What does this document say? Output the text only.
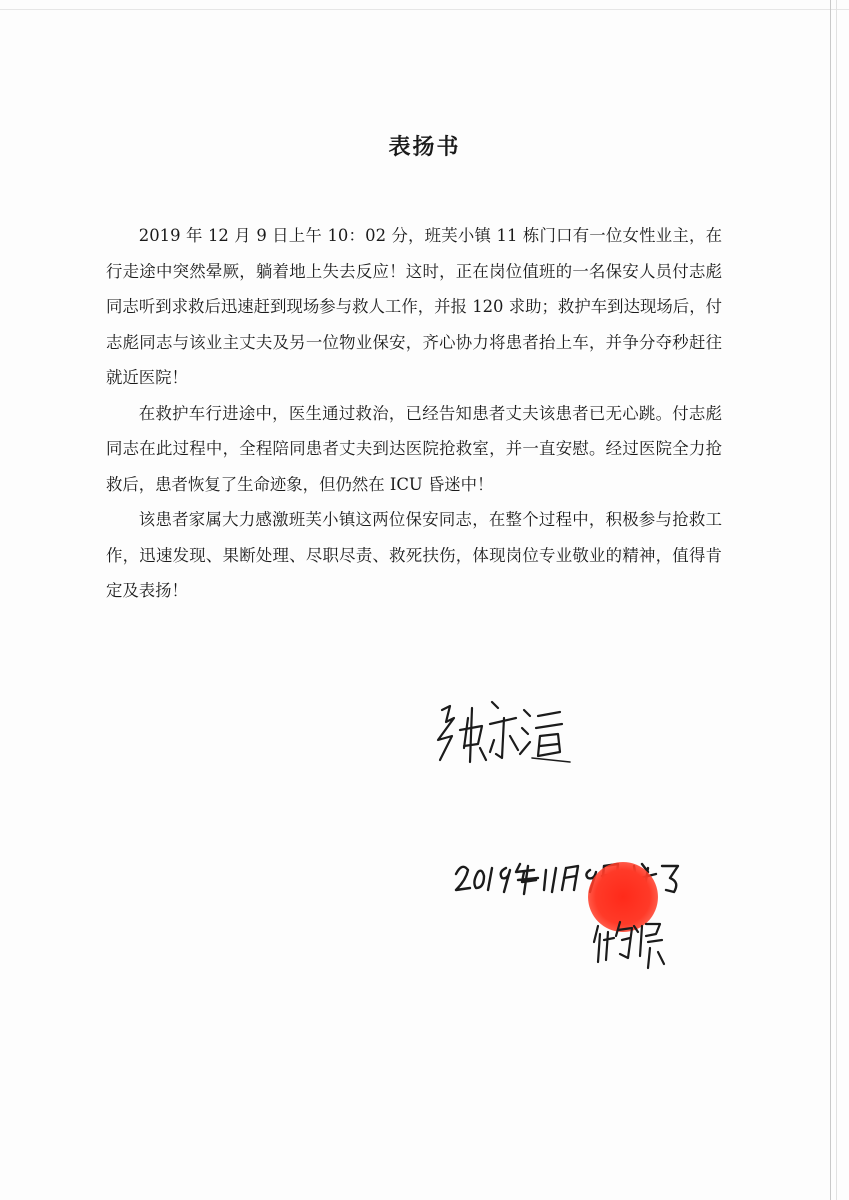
表扬书

2019 年 12 月 9 日上午 10：02 分，班芙小镇 11 栋门口有一位女性业主，在行走途中突然晕厥，躺着地上失去反应！这时，正在岗位值班的一名保安人员付志彪同志听到求救后迅速赶到现场参与救人工作，并报 120 求助；救护车到达现场后，付志彪同志与该业主丈夫及另一位物业保安，齐心协力将患者抬上车，并争分夺秒赶往就近医院！

在救护车行进途中，医生通过救治，已经告知患者丈夫该患者已无心跳。付志彪同志在此过程中，全程陪同患者丈夫到达医院抢救室，并一直安慰。经过医院全力抢救后，患者恢复了生命迹象，但仍然在 ICU 昏迷中！

该患者家属大力感激班芙小镇这两位保安同志，在整个过程中，积极参与抢救工作，迅速发现、果断处理、尽职尽责、救死扶伤，体现岗位专业敬业的精神，值得肯定及表扬！
